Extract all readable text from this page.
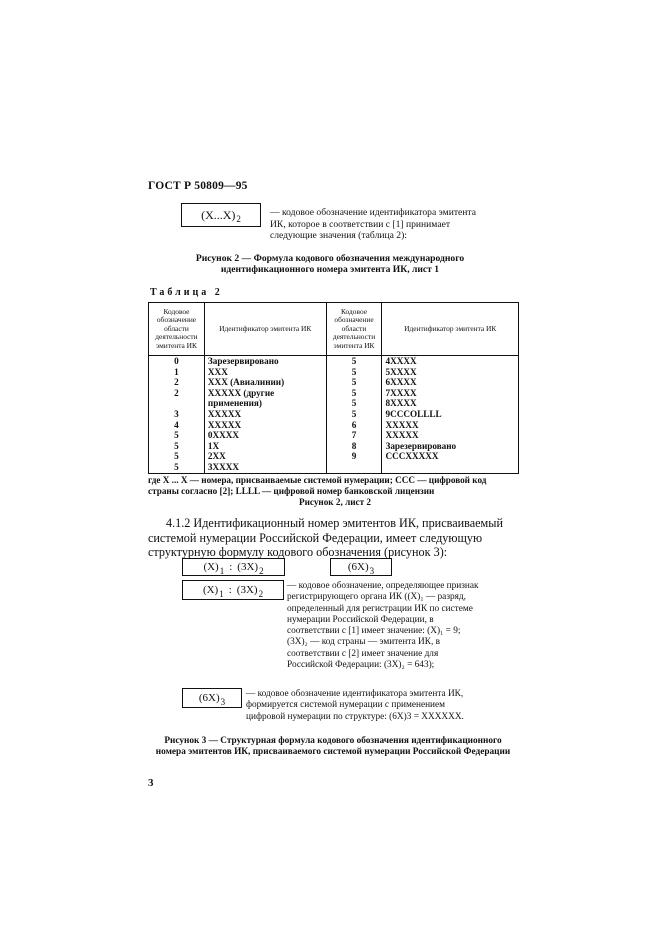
ГОСТ Р 50809—95
(X...X) 2
— кодовое обозначение идентификатора эмитента
ИК, которое в соответствии с [1] принимает
следующие значения (таблица 2):
Рисунок 2 — Формула кодового обозначения международного
идентификационного номера эмитента ИК, лист 1
Таблица 2
Кодовое обозначение области деятельности эмитента ИК	Идентификатор эмитента ИК	Кодовое обозначение области деятельности эмитента ИК	Идентификатор эмитента ИК
0	Зарезервировано	5	4XXXX
1	XXX	5	5XXXX
2	XXX (Авиалинии)	5	6XXXX
2	XXXXX (другие	5	7XXXX
	применения)	5	8XXXX
3	XXXXX	5	9CCCOLLLL
4	XXXXX	6	XXXXX
5	0XXXX	7	XXXXX
5	1X	8	Зарезервировано
5	2XX	9	CCCXXXXX
5	3XXXX		
где X ... X — номера, присваиваемые системой нумерации; CCC — цифровой код
страны согласно [2]; LLLL — цифровой номер банковской лицензии
Рисунок 2, лист 2
4.1.2 Идентификационный номер эмитентов ИК, присваиваемый
системой нумерации Российской Федерации, имеет следующую
структурную формулу кодового обозначения (рисунок 3):
(X) 1 : (3X) 2	(6X) 3
(X) 1 : (3X) 2
— кодовое обозначение, определяющее признак
регистрирующего органа ИК ((X)₁ — разряд,
определенный для регистрации ИК по системе
нумерации Российской Федерации, в
соответствии с [1] имеет значение: (X)₁ = 9;
(3X)₂ — код страны — эмитента ИК, в
соответствии с [2] имеет значение для
Российской Федерации: (3X)₂ = 643);
(6X) 3
— кодовое обозначение идентификатора эмитента ИК,
формируется системой нумерации с применением
цифровой нумерации по структуре: (6X)3 = XXXXXX.
Рисунок 3 — Структурная формула кодового обозначения идентификационного
номера эмитентов ИК, присваиваемого системой нумерации Российской Федерации
3
